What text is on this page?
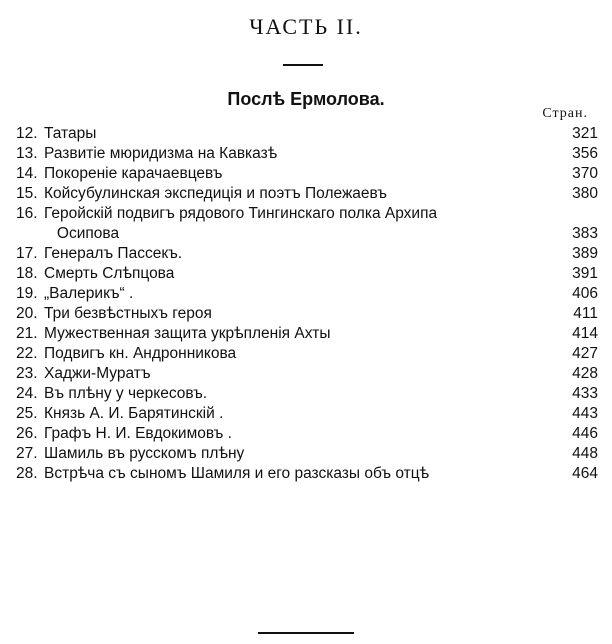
ЧАСТЬ II.
Послѣ Ермолова.
Стран.
12. Татары	321
13. Развитіе мюридизма на Кавказѣ	356
14. Покореніе карачаевцевъ	370
15. Койсубулинская экспедиція и поэтъ Полежаевъ	380
16. Геройскій подвигъ рядового Тингинскаго полка Архипа
Осипова	383
17. Генералъ Пассекъ.	389
18. Смерть Слѣпцова	391
19. „Валерикъ“ .	406
20. Три безвѣстныхъ героя	411
21. Мужественная защита укрѣпленія Ахты	414
22. Подвигъ кн. Андронникова	427
23. Хаджи-Муратъ	428
24. Въ плѣну у черкесовъ.	433
25. Князь А. И. Барятинскій .	443
26. Графъ Н. И. Евдокимовъ .	446
27. Шамиль въ русскомъ плѣну	448
28. Встрѣча съ сыномъ Шамиля и его разсказы объ отцѣ	464
